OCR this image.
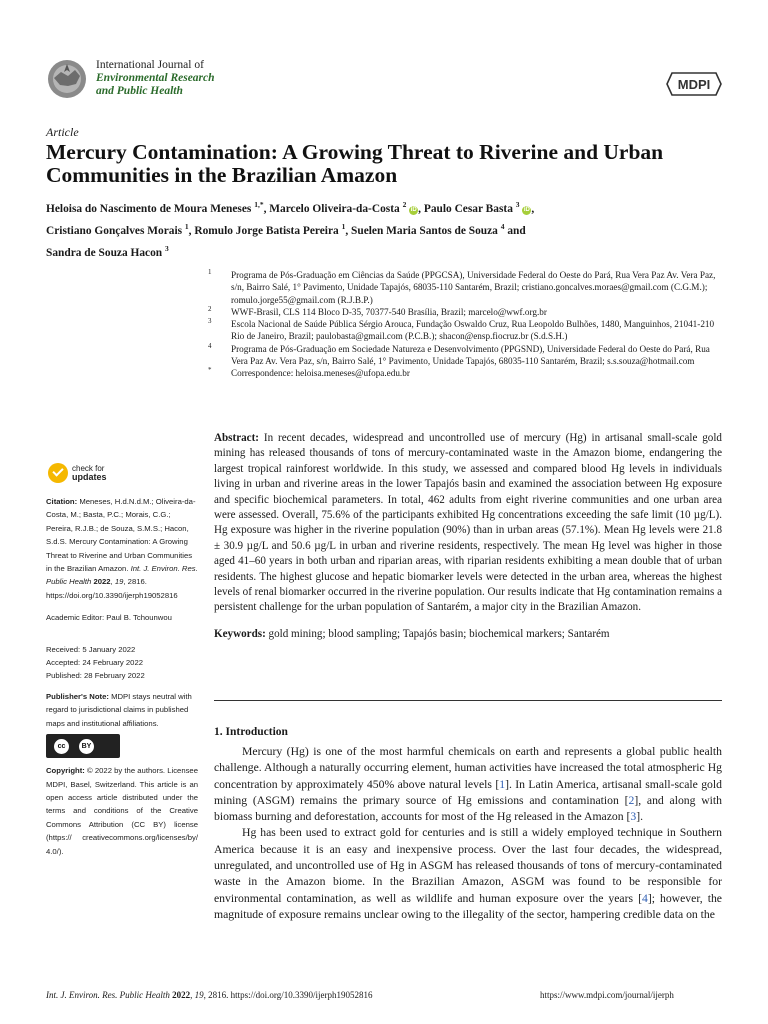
International Journal of
Environmental Research
and Public Health	MDPI
Article
Mercury Contamination: A Growing Threat to Riverine and Urban Communities in the Brazilian Amazon
Heloisa do Nascimento de Moura Meneses $^{1,*}$, Marcelo Oliveira-da-Costa $^2$ iD , Paulo Cesar Basta $^3$ iD ,
Cristiano Gonçalves Morais $^1$, Romulo Jorge Batista Pereira $^1$, Suelen Maria Santos de Souza $^4$ and
Sandra de Souza Hacon $^3$

1 Programa de Pós-Graduação em Ciências da Saúde (PPGCSA), Universidade Federal do Oeste do Pará, Rua Vera Paz Av. Vera Paz, s/n, Bairro Salé, 1° Pavimento, Unidade Tapajós, 68035-110 Santarém, Brazil; cristiano.goncalves.moraes@gmail.com (C.G.M.); romulo.jorge55@gmail.com (R.J.B.P.)

2 WWF-Brasil, CLS 114 Bloco D-35, 70377-540 Brasília, Brazil; marcelo@wwf.org.br

3 Escola Nacional de Saúde Pública Sérgio Arouca, Fundação Oswaldo Cruz, Rua Leopoldo Bulhões, 1480, Manguinhos, 21041-210 Rio de Janeiro, Brazil; paulobasta@gmail.com (P.C.B.); shacon@ensp.fiocruz.br (S.d.S.H.)

4 Programa de Pós-Graduação em Sociedade Natureza e Desenvolvimento (PPGSND), Universidade Federal do Oeste do Pará, Rua Vera Paz Av. Vera Paz, s/n, Bairro Salé, 1° Pavimento, Unidade Tapajós, 68035-110 Santarém, Brazil; s.s.souza@hotmail.com

* Correspondence: heloisa.meneses@ufopa.edu.br

check for
updates

Citation: Meneses, H.d.N.d.M.; Oliveira-da-Costa, M.; Basta, P.C.; Morais, C.G.; Pereira, R.J.B.; de Souza, S.M.S.; Hacon, S.d.S. Mercury Contamination: A Growing Threat to Riverine and Urban Communities in the Brazilian Amazon. Int. J. Environ. Res. Public Health 2022, 19, 2816. https://doi.org/10.3390/ijerph19052816

Academic Editor: Paul B. Tchounwou

Received: 5 January 2022

Accepted: 24 February 2022

Published: 28 February 2022

Publisher's Note: MDPI stays neutral with regard to jurisdictional claims in published maps and institutional affiliations.

cc	BY

Copyright: © 2022 by the authors. Licensee MDPI, Basel, Switzerland. This article is an open access article distributed under the terms and conditions of the Creative Commons Attribution (CC BY) license (https:// creativecommons.org/licenses/by/ 4.0/).

Abstract: In recent decades, widespread and uncontrolled use of mercury (Hg) in artisanal small-scale gold mining has released thousands of tons of mercury-contaminated waste in the Amazon biome, endangering the largest tropical rainforest worldwide. In this study, we assessed and compared blood Hg levels in individuals living in urban and riverine areas in the lower Tapajós basin and examined the association between Hg exposure and specific biochemical parameters. In total, 462 adults from eight riverine communities and one urban area were assessed. Overall, 75.6% of the participants exhibited Hg concentrations exceeding the safe limit (10 µg/L). Hg exposure was higher in the riverine population (90%) than in urban areas (57.1%). Mean Hg levels were 21.8 ± 30.9 µg/L and 50.6 µg/L in urban and riverine residents, respectively. The mean Hg level was higher in those aged 41–60 years in both urban and riparian areas, with riparian residents exhibiting a mean double that of urban residents. The highest glucose and hepatic biomarker levels were detected in the urban area, whereas the highest levels of renal biomarker occurred in the riverine population. Our results indicate that Hg contamination remains a persistent challenge for the urban population of Santarém, a major city in the Brazilian Amazon.

Keywords: gold mining; blood sampling; Tapajós basin; biochemical markers; Santarém

1. Introduction

Mercury (Hg) is one of the most harmful chemicals on earth and represents a global public health challenge. Although a naturally occurring element, human activities have increased the total atmospheric Hg concentration by approximately 450% above natural levels [1]. In Latin America, artisanal small-scale gold mining (ASGM) remains the primary source of Hg emissions and contamination [2], and along with biomass burning and deforestation, accounts for most of the Hg released in the Amazon [3].

Hg has been used to extract gold for centuries and is still a widely employed technique in Southern America because it is an easy and inexpensive process. Over the last four decades, the widespread, unregulated, and uncontrolled use of Hg in ASGM has released thousands of tons of mercury-contaminated waste in the Amazon biome. In the Brazilian Amazon, ASGM was found to be responsible for environmental contamination, as well as wildlife and human exposure over the years [4]; however, the magnitude of exposure remains unclear owing to the illegality of the sector, hampering credible data on the

Int. J. Environ. Res. Public Health 2022, 19, 2816. https://doi.org/10.3390/ijerph19052816	https://www.mdpi.com/journal/ijerph
